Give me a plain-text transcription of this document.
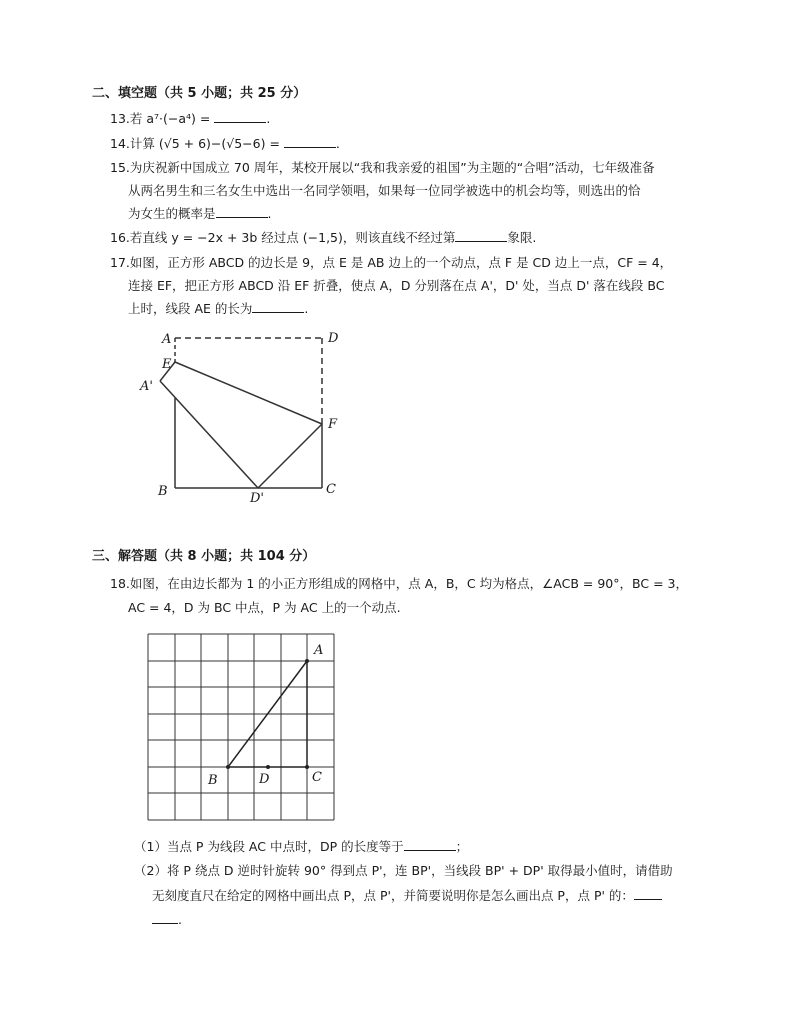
二、填空题（共 5 小题；共 25 分）
13.若 a⁷·(−a⁴) =	.
14.计算 (√5 + 6)−(√5−6) =	.
15.为庆祝新中国成立 70 周年，某校开展以“我和我亲爱的祖国”为主题的“合唱”活动，七年级准备
从两名男生和三名女生中选出一名同学领唱，如果每一位同学被选中的机会均等，则选出的恰
为女生的概率是	.
16.若直线 y = −2x + 3b 经过点 (−1,5)，则该直线不经过第	象限.
17.如图，正方形 ABCD 的边长是 9，点 E 是 AB 边上的一个动点，点 F 是 CD 边上一点，CF = 4，
连接 EF，把正方形 ABCD 沿 EF 折叠，使点 A，D 分别落在点 A'，D' 处，当点 D' 落在线段 BC
上时，线段 AE 的长为	.
A	D
E
A'
F
B	D'
C
三、解答题（共 8 小题；共 104 分）
18.如图，在由边长都为 1 的小正方形组成的网格中，点 A，B，C 均为格点，∠ACB = 90°，BC = 3，
AC = 4，D 为 BC 中点，P 为 AC 上的一个动点.
A
B	D	C
（1）当点 P 为线段 AC 中点时，DP 的长度等于	；
（2）将 P 绕点 D 逆时针旋转 90° 得到点 P'，连 BP'，当线段 BP' + DP' 取得最小值时，请借助
无刻度直尺在给定的网格中画出点 P，点 P'，并简要说明你是怎么画出点 P，点 P' 的：
.
